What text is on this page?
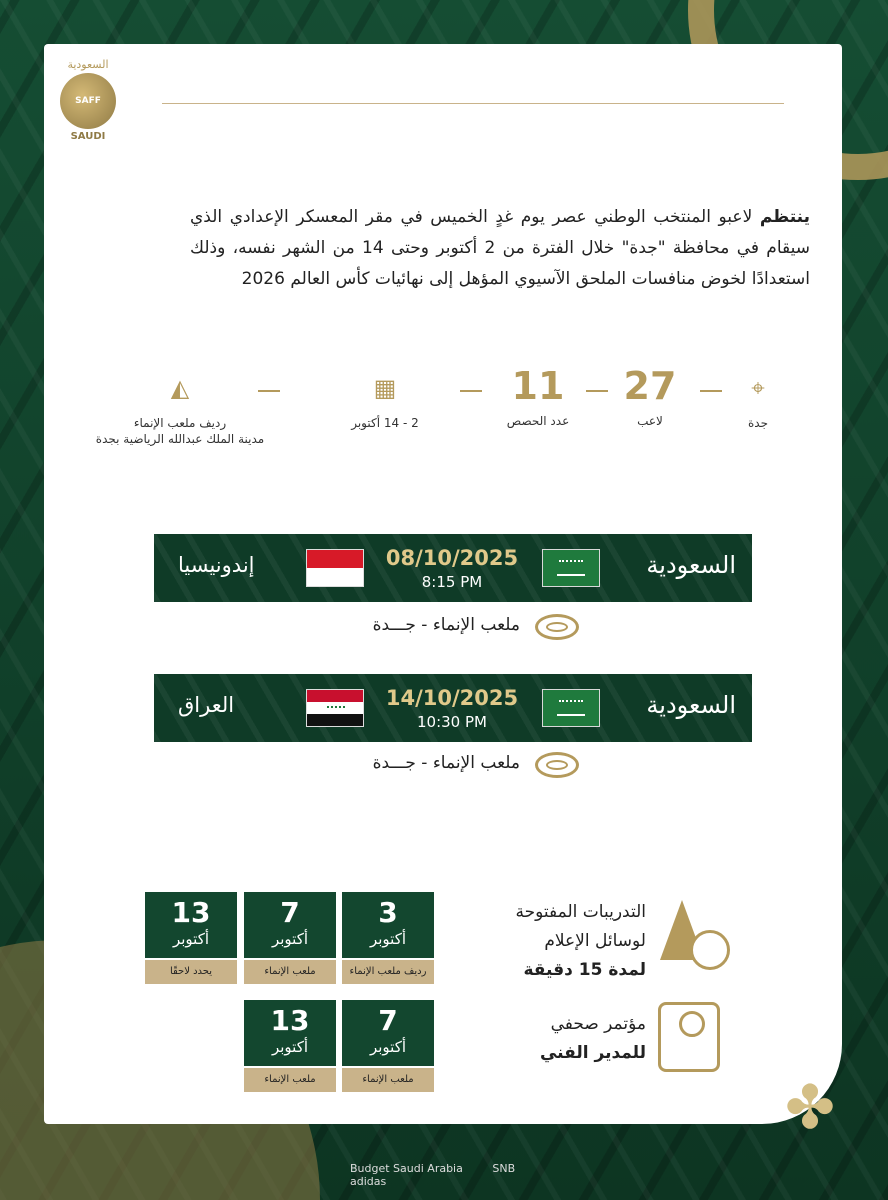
السعودية
SAFF
SAUDI

ينتظم لاعبو المنتخب الوطني عصر يوم غدٍ الخميس في مقر المعسكر الإعدادي الذي سيقام في محافظة "جدة" خلال الفترة من 2 أكتوبر وحتى 14 من الشهر نفسه، وذلك استعدادًا لخوض منافسات الملحق الآسيوي المؤهل إلى نهائيات كأس العالم 2026

⌖
جدة
27
لاعب
11
عدد الحصص
▦
2 - 14 أكتوبر
◭
رديف ملعب الإنماء
مدينة الملك عبدالله الرياضية بجدة
السعودية
08/10/2025
8:15 PM
إندونيسيا
ملعب الإنماء - جـــدة
السعودية
14/10/2025
10:30 PM
العراق
ملعب الإنماء - جـــدة
التدريبات المفتوحة
لوسائل الإعلام
لمدة 15 دقيقة
3
أكتوبر
رديف ملعب الإنماء
7
أكتوبر
ملعب الإنماء
13
أكتوبر
يحدد لاحقًا
مؤتمر صحفي
للمدير الفني
7
أكتوبر
ملعب الإنماء
13
أكتوبر
ملعب الإنماء	✤
Budget Saudi Arabia	SNB adidas
